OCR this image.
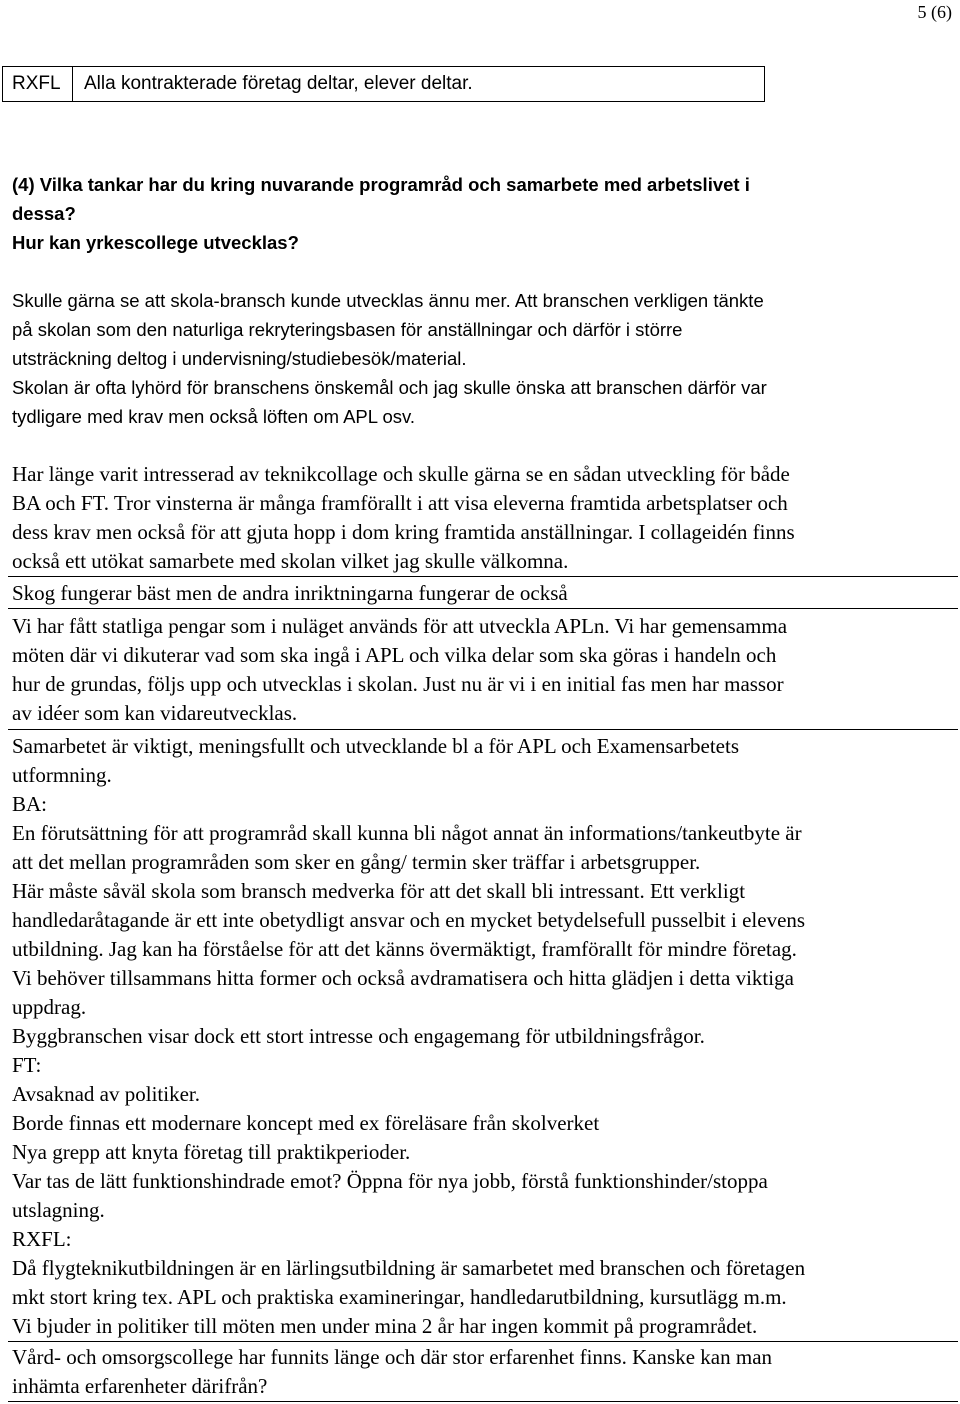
5 (6)
RXFL	Alla kontrakterade företag deltar, elever deltar.
(4) Vilka tankar har du kring nuvarande programråd och samarbete med arbetslivet i
dessa?
Hur kan yrkescollege utvecklas?
Skulle gärna se att skola-bransch kunde utvecklas ännu mer. Att branschen verkligen tänkte
på skolan som den naturliga rekryteringsbasen för anställningar och därför i större
utsträckning deltog i undervisning/studiebesök/material.
Skolan är ofta lyhörd för branschens önskemål och jag skulle önska att branschen därför var
tydligare med krav men också löften om APL osv.
Har länge varit intresserad av teknikcollage och skulle gärna se en sådan utveckling för både
BA och FT. Tror vinsterna är många framförallt i att visa eleverna framtida arbetsplatser och
dess krav men också för att gjuta hopp i dom kring framtida anställningar. I collageidén finns
också ett utökat samarbete med skolan vilket jag skulle välkomna.
Skog fungerar bäst men de andra inriktningarna fungerar de också
Vi har fått statliga pengar som i nuläget används för att utveckla APLn. Vi har gemensamma
möten där vi dikuterar vad som ska ingå i APL och vilka delar som ska göras i handeln och
hur de grundas, följs upp och utvecklas i skolan. Just nu är vi i en initial fas men har massor
av idéer som kan vidareutvecklas.
Samarbetet är viktigt, meningsfullt och utvecklande bl a för APL och Examensarbetets
utformning.
BA:
En förutsättning för att programråd skall kunna bli något annat än informations/tankeutbyte är
att det mellan programråden som sker en gång/ termin sker träffar i arbetsgrupper.
Här måste såväl skola som bransch medverka för att det skall bli intressant. Ett verkligt
handledaråtagande är ett inte obetydligt ansvar och en mycket betydelsefull pusselbit i elevens
utbildning. Jag kan ha förståelse för att det känns övermäktigt, framförallt för mindre företag.
Vi behöver tillsammans hitta former och också avdramatisera och hitta glädjen i detta viktiga
uppdrag.
Byggbranschen visar dock ett stort intresse och engagemang för utbildningsfrågor.
FT:
Avsaknad av politiker.
Borde finnas ett modernare koncept med ex föreläsare från skolverket
Nya grepp att knyta företag till praktikperioder.
Var tas de lätt funktionshindrade emot? Öppna för nya jobb, förstå funktionshinder/stoppa
utslagning.
RXFL:
Då flygteknikutbildningen är en lärlingsutbildning är samarbetet med branschen och företagen
mkt stort kring tex. APL och praktiska examineringar, handledarutbildning, kursutlägg m.m.
Vi bjuder in politiker till möten men under mina 2 år har ingen kommit på programrådet.
Vård- och omsorgscollege har funnits länge och där stor erfarenhet finns. Kanske kan man
inhämta erfarenheter därifrån?
